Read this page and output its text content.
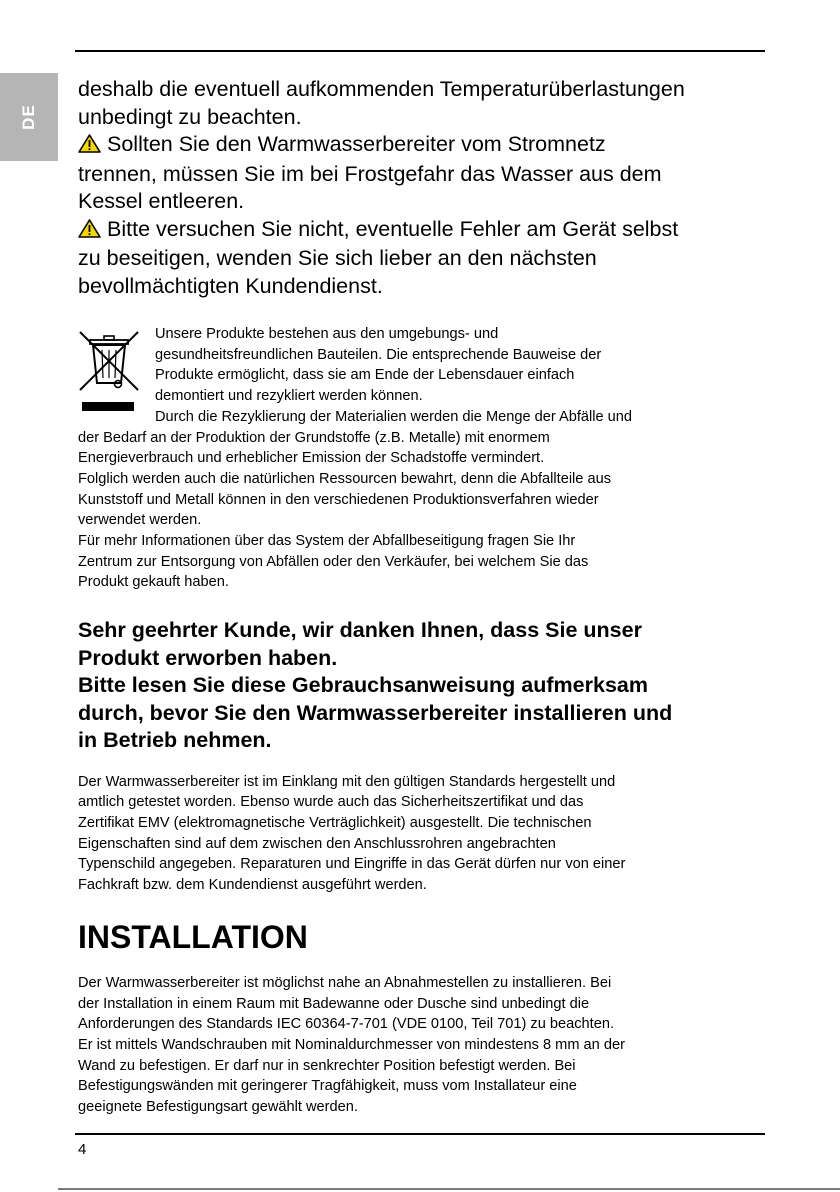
DE

deshalb die eventuell aufkommenden Temperaturüberlastungen

unbedingt zu beachten.

Sollten Sie den Warmwasserbereiter vom Stromnetz

trennen, müssen Sie im bei Frostgefahr das Wasser aus dem

Kessel entleeren.

Bitte versuchen Sie nicht, eventuelle Fehler am Gerät selbst

zu beseitigen, wenden Sie sich lieber an den nächsten

bevollmächtigten Kundendienst.

Unsere Produkte bestehen aus den umgebungs- und

gesundheitsfreundlichen Bauteilen. Die entsprechende Bauweise der

Produkte ermöglicht, dass sie am Ende der Lebensdauer einfach

demontiert und rezykliert werden können.

Durch die Rezyklierung der Materialien werden die Menge der Abfälle und

der Bedarf an der Produktion der Grundstoffe (z.B. Metalle) mit enormem

Energieverbrauch und erheblicher Emission der Schadstoffe vermindert.

Folglich werden auch die natürlichen Ressourcen bewahrt, denn die Abfallteile aus

Kunststoff und Metall können in den verschiedenen Produktionsverfahren wieder

verwendet werden.

Für mehr Informationen über das System der Abfallbeseitigung fragen Sie Ihr

Zentrum zur Entsorgung von Abfällen oder den Verkäufer, bei welchem Sie das

Produkt gekauft haben.

Sehr geehrter Kunde, wir danken Ihnen, dass Sie unser

Produkt erworben haben.

Bitte lesen Sie diese Gebrauchsanweisung aufmerksam

durch, bevor Sie den Warmwasserbereiter installieren und

in Betrieb nehmen.

Der Warmwasserbereiter ist im Einklang mit den gültigen Standards hergestellt und

amtlich getestet worden. Ebenso wurde auch das Sicherheitszertifikat und das

Zertifikat EMV (elektromagnetische Verträglichkeit) ausgestellt. Die technischen

Eigenschaften sind auf dem zwischen den Anschlussrohren angebrachten

Typenschild angegeben. Reparaturen und Eingriffe in das Gerät dürfen nur von einer

Fachkraft bzw. dem Kundendienst ausgeführt werden.

INSTALLATION

Der Warmwasserbereiter ist möglichst nahe an Abnahmestellen zu installieren. Bei

der Installation in einem Raum mit Badewanne oder Dusche sind unbedingt die

Anforderungen des Standards IEC 60364-7-701 (VDE 0100, Teil 701) zu beachten.

Er ist mittels Wandschrauben mit Nominaldurchmesser von mindestens 8 mm an der

Wand zu befestigen. Er darf nur in senkrechter Position befestigt werden. Bei

Befestigungswänden mit geringerer Tragfähigkeit, muss vom Installateur eine

geeignete Befestigungsart gewählt werden.

4
